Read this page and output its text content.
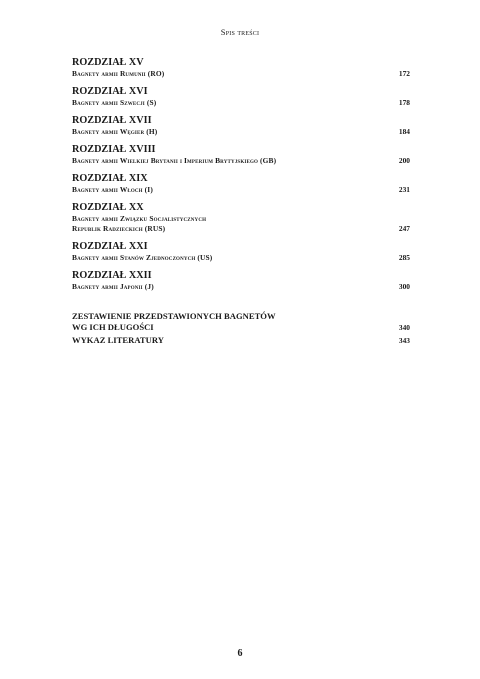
Spis treści
ROZDZIAŁ XV
Bagnety armii Rumunii (RO)	172
ROZDZIAŁ XVI
Bagnety armii Szwecji (S)	178
ROZDZIAŁ XVII
Bagnety armii Węgier (H)	184
ROZDZIAŁ XVIII
Bagnety armii Wielkiej Brytanii i Imperium Brytyjskiego (GB)	200
ROZDZIAŁ XIX
Bagnety armii Włoch (I)	231
ROZDZIAŁ XX
Bagnety armii Związku Socjalistycznych
Republik Radzieckich (RUS)	247
ROZDZIAŁ XXI
Bagnety armii Stanów Zjednoczonych (US)	285
ROZDZIAŁ XXII
Bagnety armii Japonii (J)	300
ZESTAWIENIE PRZEDSTAWIONYCH BAGNETÓW
WG ICH DŁUGOŚCI	340
WYKAZ LITERATURY	343
6
